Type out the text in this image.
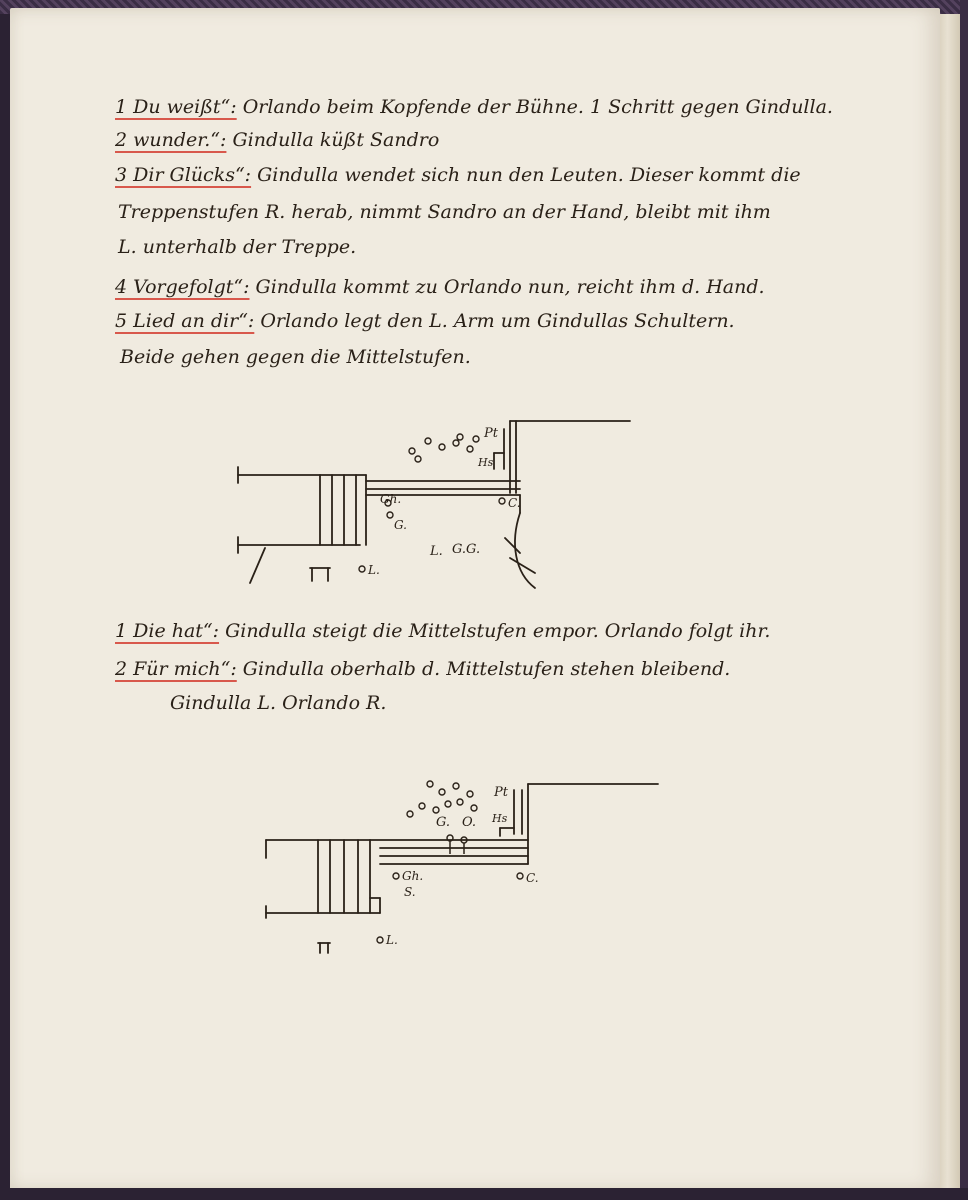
1 Du weißt“: Orlando beim Kopfende der Bühne. 1 Schritt gegen Gindulla.
2 wunder.“: Gindulla küßt Sandro
3 Dir Glücks“: Gindulla wendet sich nun den Leuten. Dieser kommt die
Treppenstufen R. herab, nimmt Sandro an der Hand, bleibt mit ihm
L. unterhalb der Treppe.
4 Vorgefolgt“: Gindulla kommt zu Orlando nun, reicht ihm d. Hand.
5 Lied an dir“: Orlando legt den L. Arm um Gindullas Schultern.
Beide gehen gegen die Mittelstufen.
Pt
Hs
Gh.
G.
L.
C.
G.G.
L.
1 Die hat“: Gindulla steigt die Mittelstufen empor. Orlando folgt ihr.
2 Für mich“: Gindulla oberhalb d. Mittelstufen stehen bleibend.
Gindulla L. Orlando R.
Pt
Hs
G. O.
Gh.
S.
C.
L.
